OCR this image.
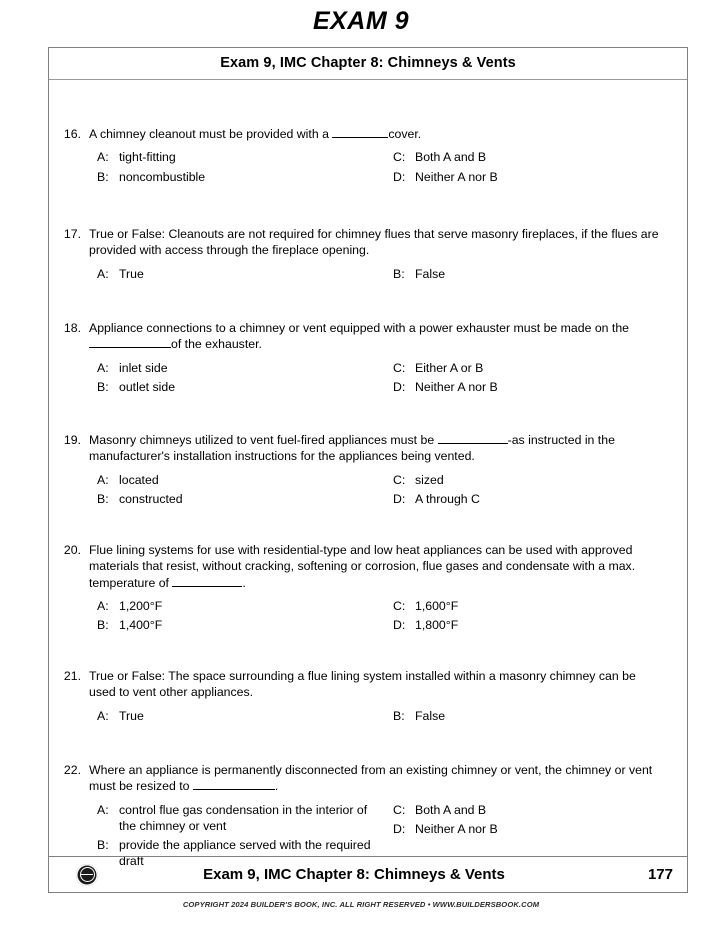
EXAM 9
Exam 9, IMC Chapter 8: Chimneys & Vents
16. A chimney cleanout must be provided with a	cover.
A: tight-fitting
B: noncombustible
C: Both A and B
D: Neither A nor B
17. True or False: Cleanouts are not required for chimney flues that serve masonry fireplaces, if the flues are provided with access through the fireplace opening.
A: True	B: False
18. Appliance connections to a chimney or vent equipped with a power exhauster must be made on the of the exhauster.
A: inlet side
B: outlet side
C: Either A or B
D: Neither A nor B
19. Masonry chimneys utilized to vent fuel-fired appliances must be	-as instructed in the manufacturer's installation instructions for the appliances being vented.
A: located
B: constructed
C: sized
D: A through C
20. Flue lining systems for use with residential-type and low heat appliances can be used with approved materials that resist, without cracking, softening or corrosion, flue gases and condensate with a max. temperature of	.
A: 1,200°F
B: 1,400°F
C: 1,600°F
D: 1,800°F
21. True or False: The space surrounding a flue lining system installed within a masonry chimney can be used to vent other appliances.
A: True	B: False
22. Where an appliance is permanently disconnected from an existing chimney or vent, the chimney or vent must be resized to	.
A: control flue gas condensation in the interior of the chimney or vent
B: provide the appliance served with the required draft
C: Both A and B
D: Neither A nor B
Exam 9, IMC Chapter 8: Chimneys & Vents	177
COPYRIGHT 2024 BUILDER'S BOOK, INC. ALL RIGHT RESERVED • WWW.BUILDERSBOOK.COM
